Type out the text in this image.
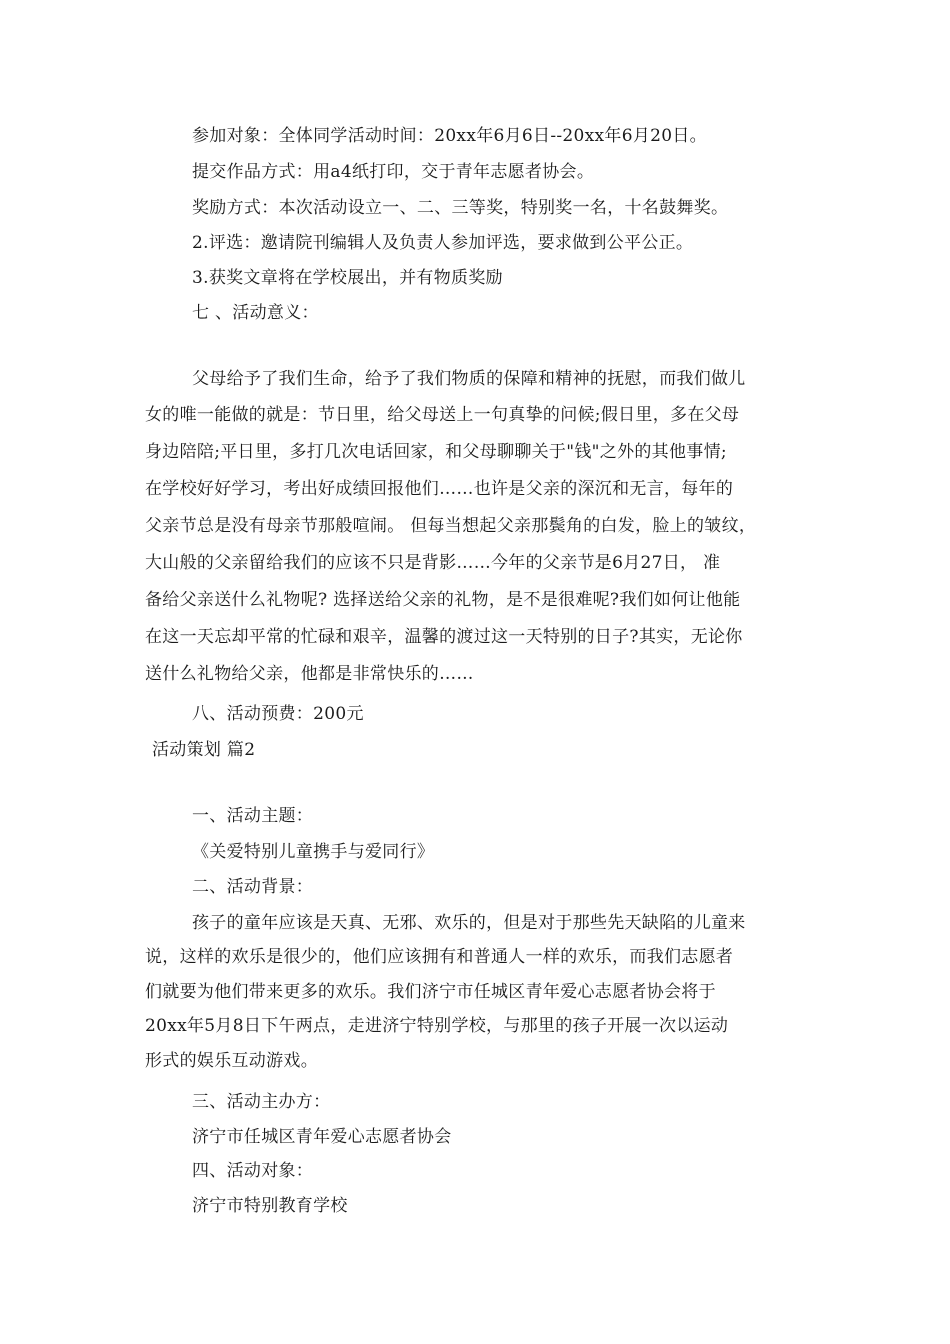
参加对象：全体同学活动时间：20xx年6月6日--20xx年6月20日。
提交作品方式：用a4纸打印，交于青年志愿者协会。
奖励方式：本次活动设立一、二、三等奖，特别奖一名，十名鼓舞奖。
2.评选：邀请院刊编辑人及负责人参加评选，要求做到公平公正。
3.获奖文章将在学校展出，并有物质奖励
七 、活动意义：
父母给予了我们生命，给予了我们物质的保障和精神的抚慰，而我们做儿
女的唯一能做的就是：节日里，给父母送上一句真挚的问候;假日里，多在父母
身边陪陪;平日里，多打几次电话回家，和父母聊聊关于"钱"之外的其他事情;
在学校好好学习，考出好成绩回报他们……也许是父亲的深沉和无言，每年的
父亲节总是没有母亲节那般喧闹。 但每当想起父亲那鬓角的白发，脸上的皱纹，
大山般的父亲留给我们的应该不只是背影……今年的父亲节是6月27日， 准
备给父亲送什么礼物呢? 选择送给父亲的礼物，是不是很难呢?我们如何让他能
在这一天忘却平常的忙碌和艰辛，温馨的渡过这一天特别的日子?其实，无论你
送什么礼物给父亲，他都是非常快乐的……
八、活动预费：200元
活动策划 篇2
一、活动主题：
《关爱特别儿童携手与爱同行》
二、活动背景：
孩子的童年应该是天真、无邪、欢乐的，但是对于那些先天缺陷的儿童来
说，这样的欢乐是很少的，他们应该拥有和普通人一样的欢乐，而我们志愿者
们就要为他们带来更多的欢乐。我们济宁市任城区青年爱心志愿者协会将于
20xx年5月8日下午两点，走进济宁特别学校，与那里的孩子开展一次以运动
形式的娱乐互动游戏。
三、活动主办方：
济宁市任城区青年爱心志愿者协会
四、活动对象：
济宁市特别教育学校
